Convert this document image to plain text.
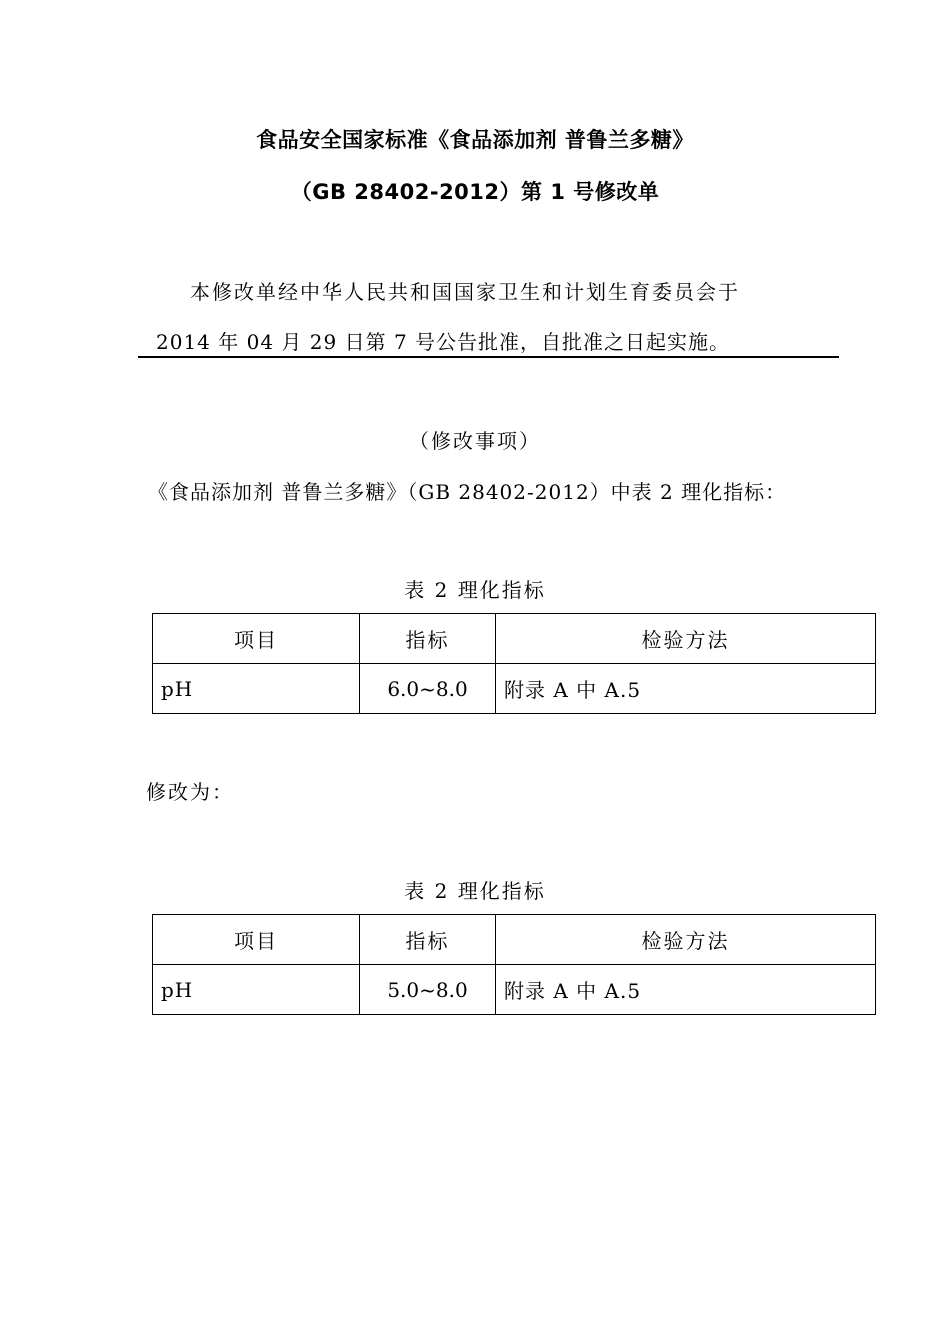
食品安全国家标准《食品添加剂 普鲁兰多糖》
（GB 28402-2012）第 1 号修改单
本修改单经中华人民共和国国家卫生和计划生育委员会于
2014 年 04 月 29 日第 7 号公告批准，自批准之日起实施。
（修改事项）
《食品添加剂 普鲁兰多糖》（GB 28402-2012）中表 2 理化指标：
表 2 理化指标
项目	指标	检验方法
pH	6.0~8.0	附录 A 中 A.5
修改为：
表 2 理化指标
项目	指标	检验方法
pH	5.0~8.0	附录 A 中 A.5
